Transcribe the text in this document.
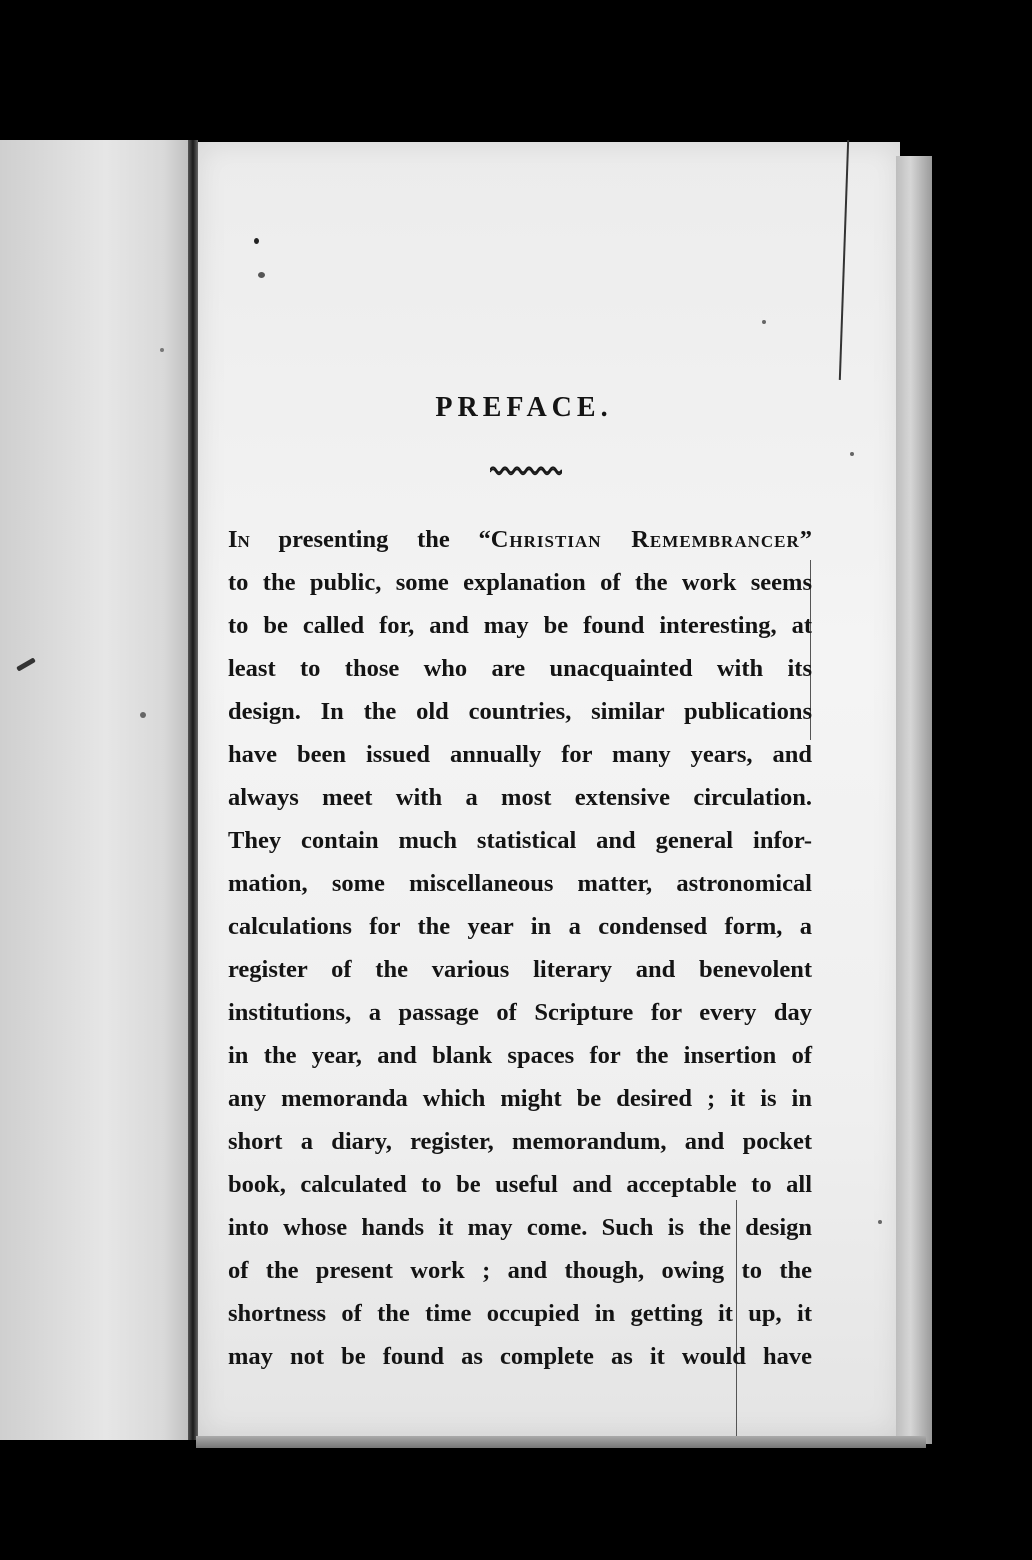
PREFACE.
In presenting the “Christian Remembrancer”
to the public, some explanation of the work seems
to be called for, and may be found interesting, at
least to those who are unacquainted with its
design. In the old countries, similar publications
have been issued annually for many years, and
always meet with a most extensive circulation.
They contain much statistical and general infor-
mation, some miscellaneous matter, astronomical
calculations for the year in a condensed form, a
register of the various literary and benevolent
institutions, a passage of Scripture for every day
in the year, and blank spaces for the insertion of
any memoranda which might be desired ; it is in
short a diary, register, memorandum, and pocket
book, calculated to be useful and acceptable to all
into whose hands it may come. Such is the design
of the present work ; and though, owing to the
shortness of the time occupied in getting it up, it
may not be found as complete as it would have
